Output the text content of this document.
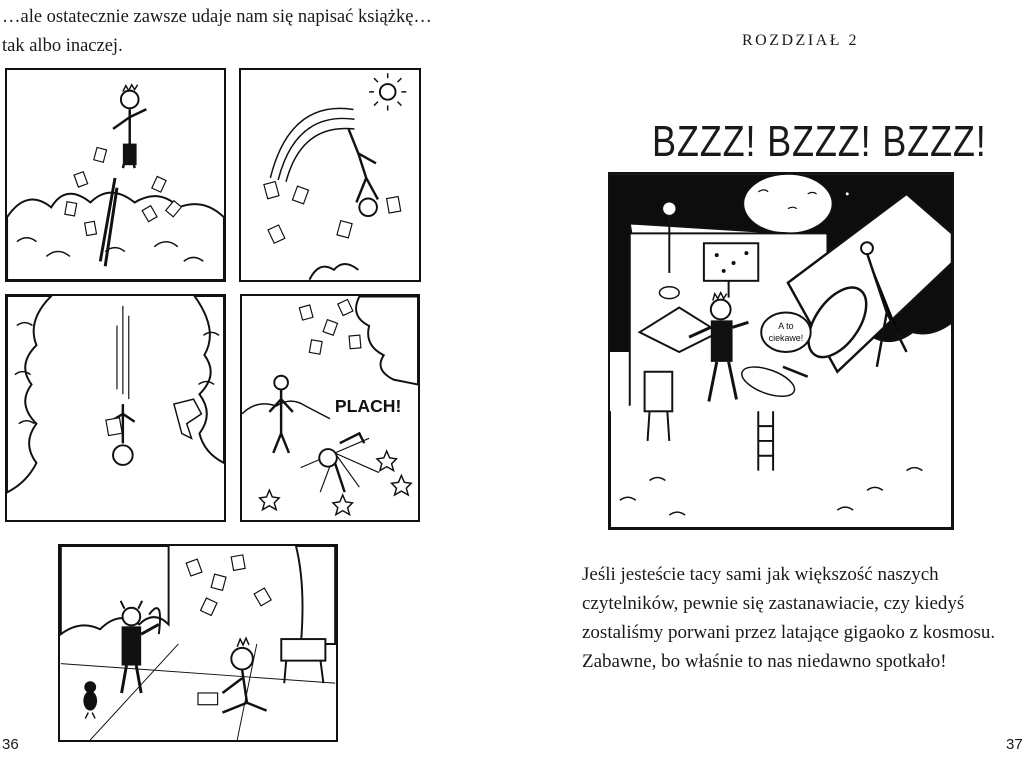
…ale ostatecznie zawsze udaje nam się napisać książkę… tak albo inaczej.

PLACH!
36
ROZDZIAŁ 2
BZZZ! BZZZ! BZZZ!
A to
ciekawe!

Jeśli jesteście tacy sami jak większość naszych czytelników, pewnie się zastanawiacie, czy kiedyś zostaliśmy porwani przez latające gigaoko z kosmosu. Zabawne, bo właśnie to nas niedawno spotkało!

37
